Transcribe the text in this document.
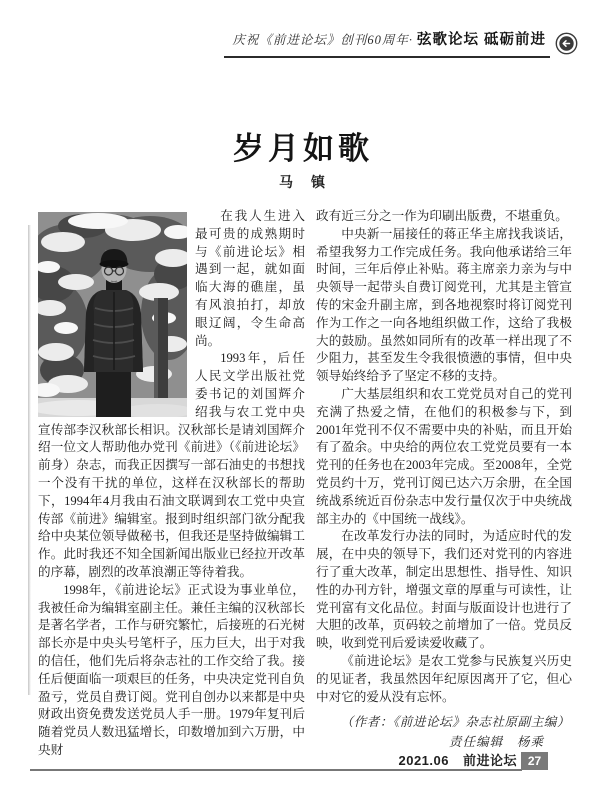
庆祝《前进论坛》创刊60周年· 弦歌论坛 砥砺前进
岁月如歌
马　镇

在我人生进入最可贵的成熟期时与《前进论坛》相遇到一起，就如面临大海的礁崖，虽有风浪拍打，却放眼辽阔，令生命高尚。

1993年，后任人民文学出版社党委书记的刘国辉介绍我与农工党中央宣传部李汉秋部长相识。汉秋部长是请刘国辉介绍一位文人帮助他办党刊《前进》（《前进论坛》前身）杂志，而我正因撰写一部石油史的书想找一个没有干扰的单位，这样在汉秋部长的帮助下，1994年4月我由石油文联调到农工党中央宣传部《前进》编辑室。报到时组织部门欲分配我给中央某位领导做秘书，但我还是坚持做编辑工作。此时我还不知全国新闻出版业已经拉开改革的序幕，剧烈的改革浪潮正等待着我。

1998年，《前进论坛》正式设为事业单位，我被任命为编辑室副主任。兼任主编的汉秋部长是著名学者，工作与研究繁忙，后接班的石光树部长亦是中央头号笔杆子，压力巨大，出于对我的信任，他们先后将杂志社的工作交给了我。接任后便面临一项艰巨的任务，中央决定党刊自负盈亏，党员自费订阅。党刊自创办以来都是中央财政出资免费发送党员人手一册。1979年复刊后随着党员人数迅猛增长，印数增加到六万册，中央财

政有近三分之一作为印刷出版费，不堪重负。

中央新一届接任的蒋正华主席找我谈话，希望我努力工作完成任务。我向他承诺给三年时间，三年后停止补贴。蒋主席亲力亲为与中央领导一起带头自费订阅党刊，尤其是主管宣传的宋金升副主席，到各地视察时将订阅党刊作为工作之一向各地组织做工作，这给了我极大的鼓励。虽然如同所有的改革一样出现了不少阻力，甚至发生令我很愤懑的事情，但中央领导始终给予了坚定不移的支持。

广大基层组织和农工党党员对自己的党刊充满了热爱之情，在他们的积极参与下，到2001年党刊不仅不需要中央的补贴，而且开始有了盈余。中央给的两位农工党党员要有一本党刊的任务也在2003年完成。至2008年，全党党员约十万，党刊订阅已达六万余册，在全国统战系统近百份杂志中发行量仅次于中央统战部主办的《中国统一战线》。

在改革发行办法的同时，为适应时代的发展，在中央的领导下，我们还对党刊的内容进行了重大改革，制定出思想性、指导性、知识性的办刊方针，增强文章的厚重与可读性，让党刊富有文化品位。封面与版面设计也进行了大胆的改革，页码较之前增加了一倍。党员反映，收到党刊后爱读爱收藏了。

《前进论坛》是农工党参与民族复兴历史的见证者，我虽然因年纪原因离开了它，但心中对它的爱从没有忘怀。

（作者：《前进论坛》杂志社原副主编）

责任编辑　杨乘

2021.06 前进论坛 27
